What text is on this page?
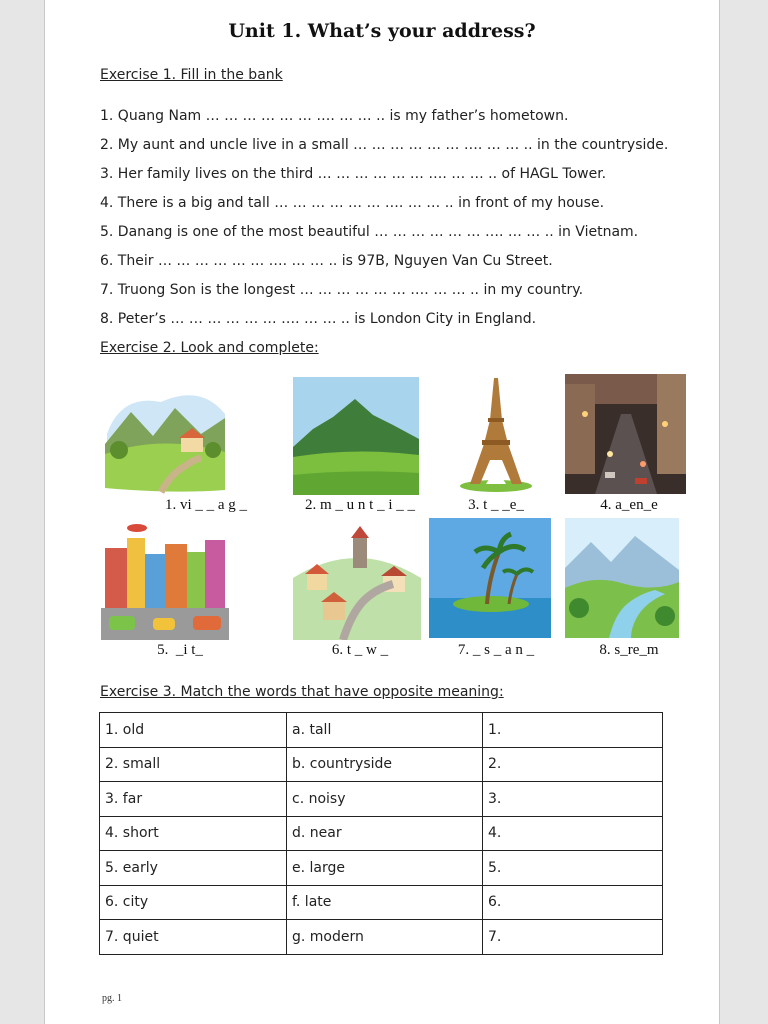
Unit 1. What’s your address?
Exercise 1. Fill in the bank
1. Quang Nam … … … … … … …. … … .. is my father’s hometown.
2. My aunt and uncle live in a small … … … … … … …. … … .. in the countryside.
3. Her family lives on the third … … … … … … …. … … .. of HAGL Tower.
4. There is a big and tall … … … … … … …. … … .. in front of my house.
5. Danang is one of the most beautiful … … … … … … …. … … .. in Vietnam.
6. Their … … … … … … …. … … .. is 97B, Nguyen Van Cu Street.
7. Truong Son is the longest … … … … … … …. … … .. in my country.
8. Peter’s … … … … … … …. … … .. is London City in England.
Exercise 2. Look and complete:
1. vi _ _ a g _	2. m _ u n t _ i _ _	3. t _ _e_	4. a_en_e
5.  _i t_	6. t _ w _	7. _ s _ a n _	8. s_re_m
Exercise 3. Match the words that have opposite meaning:
1. old	a. tall	1.
2. small	b. countryside	2.
3. far	c. noisy	3.
4. short	d. near	4.
5. early	e. large	5.
6. city	f. late	6.
7. quiet	g. modern	7.
pg. 1
